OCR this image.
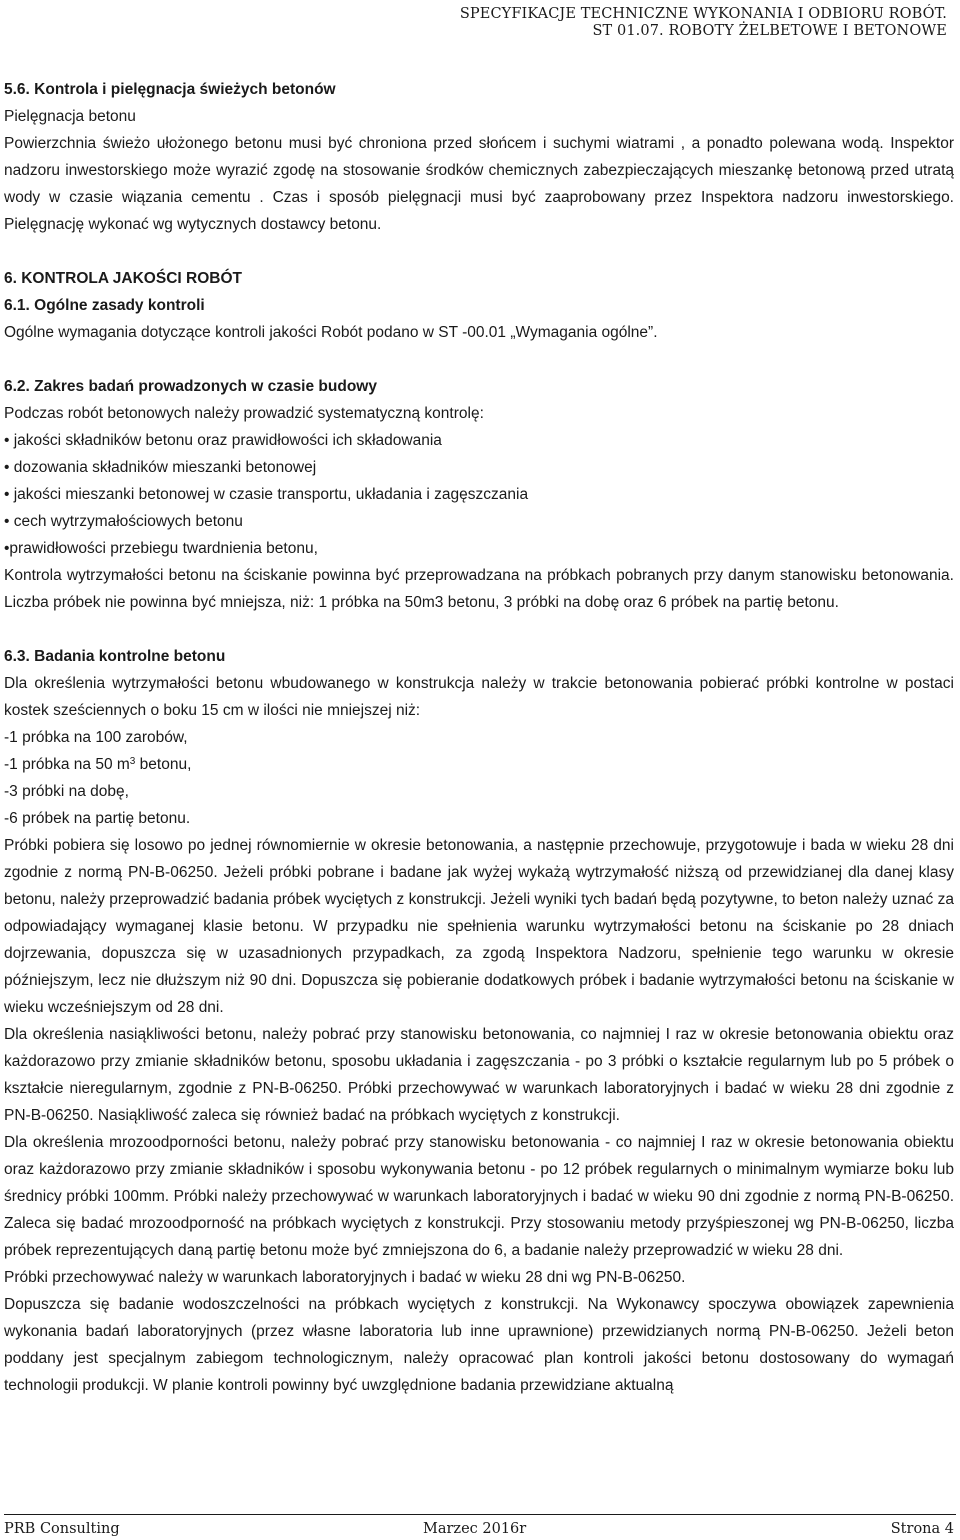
SPECYFIKACJE TECHNICZNE WYKONANIA I ODBIORU ROBÓT.
ST 01.07. ROBOTY ŻELBETOWE I BETONOWE

5.6. Kontrola i pielęgnacja świeżych betonów

Pielęgnacja betonu

Powierzchnia świeżo ułożonego betonu musi być chroniona przed słońcem i suchymi wiatrami , a ponadto polewana wodą. Inspektor nadzoru inwestorskiego może wyrazić zgodę na stosowanie środków chemicznych zabezpieczających mieszankę betonową przed utratą wody w czasie wiązania cementu . Czas i sposób pielęgnacji musi być zaaprobowany przez Inspektora nadzoru inwestorskiego. Pielęgnację wykonać wg wytycznych dostawcy betonu.

6. KONTROLA JAKOŚCI ROBÓT

6.1. Ogólne zasady kontroli

Ogólne wymagania dotyczące kontroli jakości Robót podano w ST -00.01 „Wymagania ogólne”.

6.2. Zakres badań prowadzonych w czasie budowy

Podczas robót betonowych należy prowadzić systematyczną kontrolę:

• jakości składników betonu oraz prawidłowości ich składowania

• dozowania składników mieszanki betonowej

• jakości mieszanki betonowej w czasie transportu, układania i zagęszczania

• cech wytrzymałościowych betonu

•prawidłowości przebiegu twardnienia betonu,

Kontrola wytrzymałości betonu na ściskanie powinna być przeprowadzana na próbkach pobranych przy danym stanowisku betonowania. Liczba próbek nie powinna być mniejsza, niż: 1 próbka na 50m3 betonu, 3 próbki na dobę oraz 6 próbek na partię betonu.

6.3. Badania kontrolne betonu

Dla określenia wytrzymałości betonu wbudowanego w konstrukcja należy w trakcie betonowania pobierać próbki kontrolne w postaci kostek sześciennych o boku 15 cm w ilości nie mniejszej niż:

-1 próbka na 100 zarobów,

-1 próbka na 50 $m^3$ betonu,

-3 próbki na dobę,

-6 próbek na partię betonu.

Próbki pobiera się losowo po jednej równomiernie w okresie betonowania, a następnie przechowuje, przygotowuje i bada w wieku 28 dni zgodnie z normą PN-B-06250. Jeżeli próbki pobrane i badane jak wyżej wykażą wytrzymałość niższą od przewidzianej dla danej klasy betonu, należy przeprowadzić badania próbek wyciętych z konstrukcji. Jeżeli wyniki tych badań będą pozytywne, to beton należy uznać za odpowiadający wymaganej klasie betonu. W przypadku nie spełnienia warunku wytrzymałości betonu na ściskanie po 28 dniach dojrzewania, dopuszcza się w uzasadnionych przypadkach, za zgodą Inspektora Nadzoru, spełnienie tego warunku w okresie późniejszym, lecz nie dłuższym niż 90 dni. Dopuszcza się pobieranie dodatkowych próbek i badanie wytrzymałości betonu na ściskanie w wieku wcześniejszym od 28 dni.

Dla określenia nasiąkliwości betonu, należy pobrać przy stanowisku betonowania, co najmniej I raz w okresie betonowania obiektu oraz każdorazowo przy zmianie składników betonu, sposobu układania i zagęszczania - po 3 próbki o kształcie regularnym lub po 5 próbek o kształcie nieregularnym, zgodnie z PN-B-06250. Próbki przechowywać w warunkach laboratoryjnych i badać w wieku 28 dni zgodnie z PN-B-06250. Nasiąkliwość zaleca się również badać na próbkach wyciętych z konstrukcji.

Dla określenia mrozoodporności betonu, należy pobrać przy stanowisku betonowania - co najmniej I raz w okresie betonowania obiektu oraz każdorazowo przy zmianie składników i sposobu wykonywania betonu - po 12 próbek regularnych o minimalnym wymiarze boku lub średnicy próbki 100mm. Próbki należy przechowywać w warunkach laboratoryjnych i badać w wieku 90 dni zgodnie z normą PN-B-06250. Zaleca się badać mrozoodporność na próbkach wyciętych z konstrukcji. Przy stosowaniu metody przyśpieszonej wg PN-B-06250, liczba próbek reprezentujących daną partię betonu może być zmniejszona do 6, a badanie należy przeprowadzić w wieku 28 dni.

Próbki przechowywać należy w warunkach laboratoryjnych i badać w wieku 28 dni wg PN-B-06250.

Dopuszcza się badanie wodoszczelności na próbkach wyciętych z konstrukcji. Na Wykonawcy spoczywa obowiązek zapewnienia wykonania badań laboratoryjnych (przez własne laboratoria lub inne uprawnione) przewidzianych normą PN-B-06250. Jeżeli beton poddany jest specjalnym zabiegom technologicznym, należy opracować plan kontroli jakości betonu dostosowany do wymagań technologii produkcji. W planie kontroli powinny być uwzględnione badania przewidziane aktualną

PRB Consulting	Marzec 2016r	Strona 4
